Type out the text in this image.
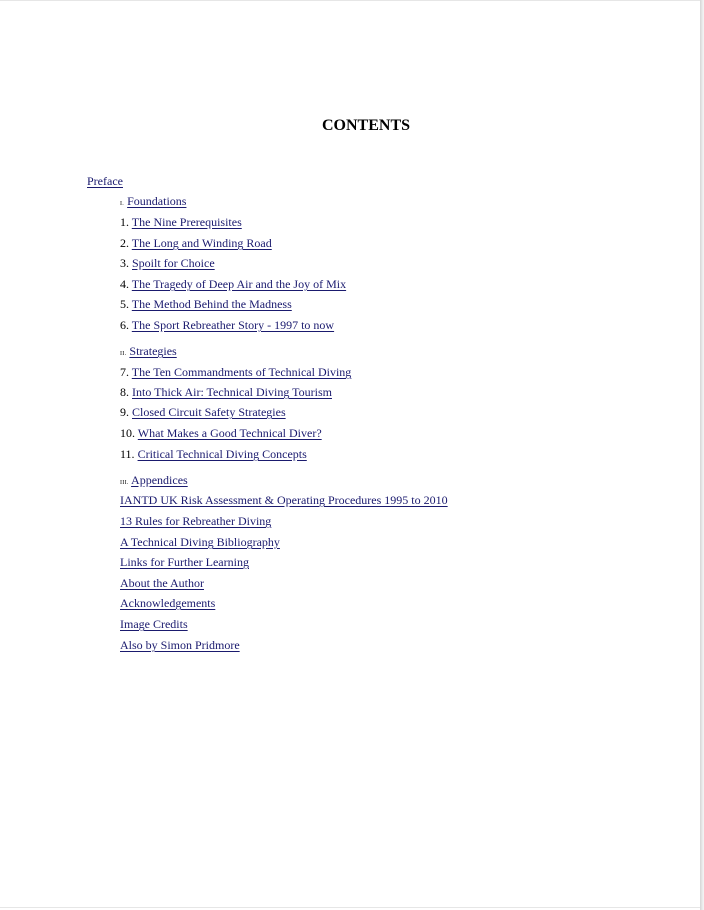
CONTENTS
Preface
I. Foundations
1. The Nine Prerequisites
2. The Long and Winding Road
3. Spoilt for Choice
4. The Tragedy of Deep Air and the Joy of Mix
5. The Method Behind the Madness
6. The Sport Rebreather Story - 1997 to now
II. Strategies
7. The Ten Commandments of Technical Diving
8. Into Thick Air: Technical Diving Tourism
9. Closed Circuit Safety Strategies
10. What Makes a Good Technical Diver?
11. Critical Technical Diving Concepts
III. Appendices
IANTD UK Risk Assessment & Operating Procedures 1995 to 2010
13 Rules for Rebreather Diving
A Technical Diving Bibliography
Links for Further Learning
About the Author
Acknowledgements
Image Credits
Also by Simon Pridmore
